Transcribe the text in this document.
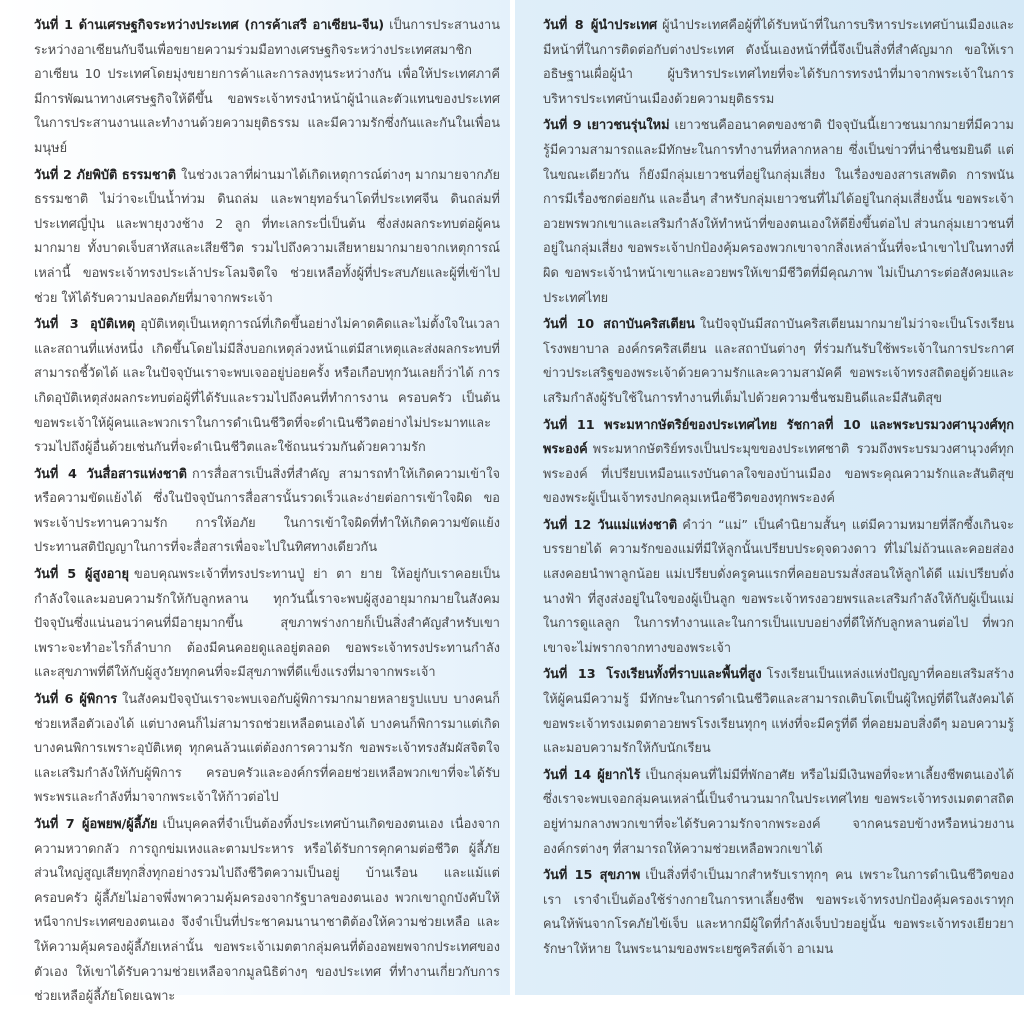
วันที่ 1 ด้านเศรษฐกิจระหว่างประเทศ (การค้าเสรี อาเซียน-จีน) เป็นการประสานงานระหว่างอาเซียนกับจีนเพื่อขยายความร่วมมือทางเศรษฐกิจระหว่างประเทศสมาชิกอาเซียน 10 ประเทศโดยมุ่งขยายการค้าและการลงทุนระหว่างกัน เพื่อให้ประเทศภาคีมีการพัฒนาทางเศรษฐกิจให้ดีขึ้น ขอพระเจ้าทรงนำหน้าผู้นำและตัวแทนของประเทศในการประสานงานและทำงานด้วยความยุติธรรม และมีความรักซึ่งกันและกันในเพื่อนมนุษย์

วันที่ 2 ภัยพิบัติ ธรรมชาติ ในช่วงเวลาที่ผ่านมาได้เกิดเหตุการณ์ต่างๆ มากมายจากภัยธรรมชาติ ไม่ว่าจะเป็นน้ำท่วม ดินถล่ม และพายุทอร์นาโดที่ประเทศจีน ดินถล่มที่ประเทศญี่ปุ่น และพายุงวงช้าง 2 ลูก ที่ทะเลกระบี่เป็นต้น ซึ่งส่งผลกระทบต่อผู้คนมากมาย ทั้งบาดเจ็บสาหัสและเสียชีวิต รวมไปถึงความเสียหายมากมายจากเหตุการณ์เหล่านี้ ขอพระเจ้าทรงประเล้าประโลมจิตใจ ช่วยเหลือทั้งผู้ที่ประสบภัยและผู้ที่เข้าไปช่วย ให้ได้รับความปลอดภัยที่มาจากพระเจ้า

วันที่ 3 อุบัติเหตุ อุบัติเหตุเป็นเหตุการณ์ที่เกิดขึ้นอย่างไม่คาดคิดและไม่ตั้งใจในเวลาและสถานที่แห่งหนึ่ง เกิดขึ้นโดยไม่มีสิ่งบอกเหตุล่วงหน้าแต่มีสาเหตุและส่งผลกระทบที่สามารถชี้วัดได้ และในปัจจุบันเราจะพบเจออยู่บ่อยครั้ง หรือเกือบทุกวันเลยก็ว่าได้ การเกิดอุบัติเหตุส่งผลกระทบต่อผู้ที่ได้รับและรวมไปถึงคนที่ทำการงาน ครอบครัว เป็นต้น ขอพระเจ้าให้ผู้คนและพวกเราในการดำเนินชีวิตที่จะดำเนินชีวิตอย่างไม่ประมาทและรวมไปถึงผู้อื่นด้วยเช่นกันที่จะดำเนินชีวิตและใช้ถนนร่วมกันด้วยความรัก

วันที่ 4 วันสื่อสารแห่งชาติ การสื่อสารเป็นสิ่งที่สำคัญ สามารถทำให้เกิดความเข้าใจหรือความขัดแย้งได้ ซึ่งในปัจจุบันการสื่อสารนั้นรวดเร็วและง่ายต่อการเข้าใจผิด ขอพระเจ้าประทานความรัก การให้อภัย ในการเข้าใจผิดที่ทำให้เกิดความขัดแย้ง ประทานสติปัญญาในการที่จะสื่อสารเพื่อจะไปในทิศทางเดียวกัน

วันที่ 5 ผู้สูงอายุ ขอบคุณพระเจ้าที่ทรงประทานปู่ ย่า ตา ยาย ให้อยู่กับเราคอยเป็นกำลังใจและมอบความรักให้กับลูกหลาน ทุกวันนี้เราจะพบผู้สูงอายุมากมายในสังคมปัจจุบันซึ่งแน่นอนว่าคนที่มีอายุมากขึ้น สุขภาพร่างกายก็เป็นสิ่งสำคัญสำหรับเขาเพราะจะทำอะไรก็ลำบาก ต้องมีคนคอยดูแลอยู่ตลอด ขอพระเจ้าทรงประทานกำลัง และสุขภาพที่ดีให้กับผู้สูงวัยทุกคนที่จะมีสุขภาพที่ดีแข็งแรงที่มาจากพระเจ้า

วันที่ 6 ผู้พิการ ในสังคมปัจจุบันเราจะพบเจอกับผู้พิการมากมายหลายรูปแบบ บางคนก็ช่วยเหลือตัวเองได้ แต่บางคนก็ไม่สามารถช่วยเหลือตนเองได้ บางคนก็พิการมาแต่เกิด บางคนพิการเพราะอุบัติเหตุ ทุกคนล้วนแต่ต้องการความรัก ขอพระเจ้าทรงสัมผัสจิตใจและเสริมกำลังให้กับผู้พิการ ครอบครัวและองค์กรที่คอยช่วยเหลือพวกเขาที่จะได้รับพระพรและกำลังที่มาจากพระเจ้าให้ก้าวต่อไป

วันที่ 7 ผู้อพยพ/ผู้ลี้ภัย เป็นบุคคลที่จำเป็นต้องทิ้งประเทศบ้านเกิดของตนเอง เนื่องจากความหวาดกลัว การถูกข่มเหงและตามประหาร หรือได้รับการคุกคามต่อชีวิต ผู้ลี้ภัยส่วนใหญ่สูญเสียทุกสิ่งทุกอย่างรวมไปถึงชีวิตความเป็นอยู่ บ้านเรือน และแม้แต่ครอบครัว ผู้ลี้ภัยไม่อาจพึ่งพาความคุ้มครองจากรัฐบาลของตนเอง พวกเขาถูกบังคับให้หนีจากประเทศของตนเอง จึงจำเป็นที่ประชาคมนานาชาติต้องให้ความช่วยเหลือ และให้ความคุ้มครองผู้ลี้ภัยเหล่านั้น ขอพระเจ้าเมตตากลุ่มคนที่ต้องอพยพจากประเทศของตัวเอง ให้เขาได้รับความช่วยเหลือจากมูลนิธิต่างๆ ของประเทศ ที่ทำงานเกี่ยวกับการช่วยเหลือผู้ลี้ภัยโดยเฉพาะ

วันที่ 8 ผู้นำประเทศ ผู้นำประเทศคือผู้ที่ได้รับหน้าที่ในการบริหารประเทศบ้านเมืองและมีหน้าที่ในการติดต่อกับต่างประเทศ ดังนั้นเองหน้าที่นี้จึงเป็นสิ่งที่สำคัญมาก ขอให้เราอธิษฐานเผื่อผู้นำ ผู้บริหารประเทศไทยที่จะได้รับการทรงนำที่มาจากพระเจ้าในการบริหารประเทศบ้านเมืองด้วยความยุติธรรม

วันที่ 9 เยาวชนรุ่นใหม่ เยาวชนคืออนาคตของชาติ ปัจจุบันนี้เยาวชนมากมายที่มีความรู้มีความสามารถและมีทักษะในการทำงานที่หลากหลาย ซึ่งเป็นข่าวที่น่าชื่นชมยินดี แต่ในขณะเดียวกัน ก็ยังมีกลุ่มเยาวชนที่อยู่ในกลุ่มเสี่ยง ในเรื่องของสารเสพติด การพนัน การมีเรื่องชกต่อยกัน และอื่นๆ สำหรับกลุ่มเยาวชนที่ไม่ได้อยู่ในกลุ่มเสี่ยงนั้น ขอพระเจ้าอวยพรพวกเขาและเสริมกำลังให้ทำหน้าที่ของตนเองให้ดียิ่งขึ้นต่อไป ส่วนกลุ่มเยาวชนที่อยู่ในกลุ่มเสี่ยง ขอพระเจ้าปกป้องคุ้มครองพวกเขาจากสิ่งเหล่านั้นที่จะนำเขาไปในทางที่ผิด ขอพระเจ้านำหน้าเขาและอวยพรให้เขามีชีวิตที่มีคุณภาพ ไม่เป็นภาระต่อสังคมและประเทศไทย

วันที่ 10 สถาบันคริสเตียน ในปัจจุบันมีสถาบันคริสเตียนมากมายไม่ว่าจะเป็นโรงเรียน โรงพยาบาล องค์กรคริสเตียน และสถาบันต่างๆ ที่ร่วมกันรับใช้พระเจ้าในการประกาศข่าวประเสริฐของพระเจ้าด้วยความรักและความสามัคคี ขอพระเจ้าทรงสถิตอยู่ด้วยและเสริมกำลังผู้รับใช้ในการทำงานที่เต็มไปด้วยความชื่นชมยินดีและมีสันติสุข

วันที่ 11 พระมหากษัตริย์ของประเทศไทย รัชกาลที่ 10 และพระบรมวงศานุวงศ์ทุกพระองค์ พระมหากษัตริย์ทรงเป็นประมุขของประเทศชาติ รวมถึงพระบรมวงศานุวงศ์ทุกพระองค์ ที่เปรียบเหมือนแรงบันดาลใจของบ้านเมือง ขอพระคุณความรักและสันติสุขของพระผู้เป็นเจ้าทรงปกคลุมเหนือชีวิตของทุกพระองค์

วันที่ 12 วันแม่แห่งชาติ คำว่า “แม่” เป็นคำนิยามสั้นๆ แต่มีความหมายที่ลึกซึ้งเกินจะบรรยายได้ ความรักของแม่ที่มีให้ลูกนั้นเปรียบประดุจดวงดาว ที่ไม่ไม่ถ้วนและคอยส่องแสงคอยนำพาลูกน้อย แม่เปรียบดั่งครูคนแรกที่คอยอบรมสั่งสอนให้ลูกได้ดี แม่เปรียบดั่งนางฟ้า ที่สูงส่งอยู่ในใจของผู้เป็นลูก ขอพระเจ้าทรงอวยพรและเสริมกำลังให้กับผู้เป็นแม่ในการดูแลลูก ในการทำงานและในการเป็นแบบอย่างที่ดีให้กับลูกหลานต่อไป ที่พวกเขาจะไม่พรากจากทางของพระเจ้า

วันที่ 13 โรงเรียนทั้งที่ราบและพื้นที่สูง โรงเรียนเป็นแหล่งแห่งปัญญาที่คอยเสริมสร้างให้ผู้คนมีความรู้ มีทักษะในการดำเนินชีวิตและสามารถเติบโตเป็นผู้ใหญ่ที่ดีในสังคมได้ ขอพระเจ้าทรงเมตตาอวยพรโรงเรียนทุกๆ แห่งที่จะมีครูที่ดี ที่คอยมอบสิ่งดีๆ มอบความรู้และมอบความรักให้กับนักเรียน

วันที่ 14 ผู้ยากไร้ เป็นกลุ่มคนที่ไม่มีที่พักอาศัย หรือไม่มีเงินพอที่จะหาเลี้ยงชีพตนเองได้ ซึ่งเราจะพบเจอกลุ่มคนเหล่านี้เป็นจำนวนมากในประเทศไทย ขอพระเจ้าทรงเมตตาสถิตอยู่ท่ามกลางพวกเขาที่จะได้รับความรักจากพระองค์ จากคนรอบข้างหรือหน่วยงานองค์กรต่างๆ ที่สามารถให้ความช่วยเหลือพวกเขาได้

วันที่ 15 สุขภาพ เป็นสิ่งที่จำเป็นมากสำหรับเราทุกๆ คน เพราะในการดำเนินชีวิตของเรา เราจำเป็นต้องใช้ร่างกายในการหาเลี้ยงชีพ ขอพระเจ้าทรงปกป้องคุ้มครองเราทุกคนให้พ้นจากโรคภัยไข้เจ็บ และหากมีผู้ใดที่กำลังเจ็บป่วยอยู่นั้น ขอพระเจ้าทรงเยียวยารักษาให้หาย ในพระนามของพระเยซูคริสต์เจ้า อาเมน
